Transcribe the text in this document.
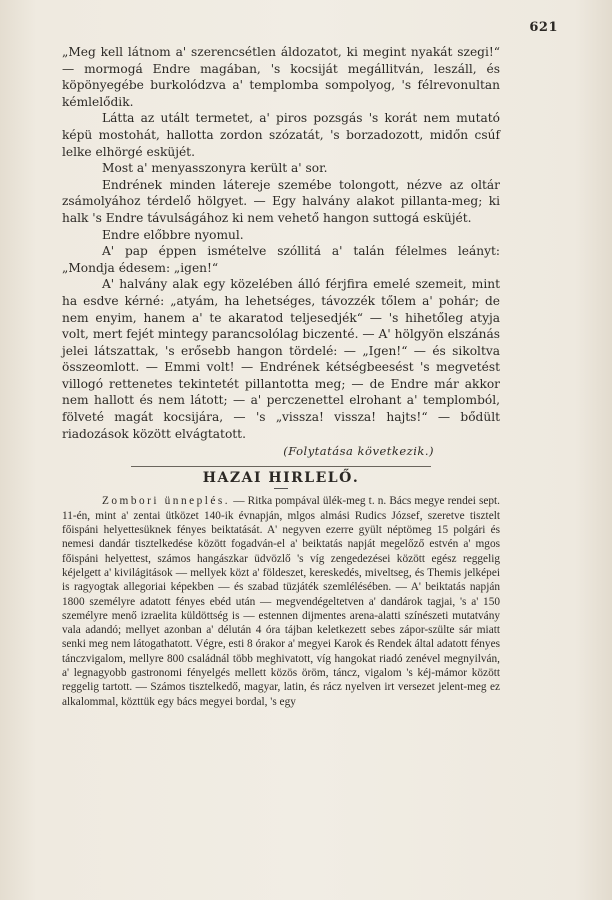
621

„Meg kell látnom a' szerencsétlen áldozatot, ki megint nyakát szegi!“ — mormogá Endre magában, 's kocsiját megállitván, leszáll, és köpönyegébe burkolódzva a' templomba sompolyog, 's félrevonultan kémlelődik.

Látta az utált termetet, a' piros pozsgás 's korát nem mutató képü mostohát, hallotta zordon szózatát, 's borzadozott, midőn csúf lelke elhörgé esküjét.

Most a' menyasszonyra került a' sor.

Endrének minden látereje szemébe tolongott, nézve az oltár zsámolyához térdelő hölgyet. — Egy halvány alakot pillanta-meg; ki halk 's Endre távulságához ki nem vehető hangon suttogá esküjét.

Endre előbbre nyomul.

A' pap éppen ismételve szóllitá a' talán félelmes leányt: „Mondja édesem: „igen!“

A' halvány alak egy közelében álló férjfira emelé szemeit, mint ha esdve kérné: „atyám, ha lehetséges, távozzék tőlem a' pohár; de nem enyim, hanem a' te akaratod teljesedjék“ — 's hihetőleg atyja volt, mert fejét mintegy parancsolólag biczenté. — A' hölgyön elszánás jelei látszattak, 's erősebb hangon tördelé: — „Igen!“ — és sikoltva összeomlott. — Emmi volt! — Endrének kétségbeesést 's megvetést villogó rettenetes tekintetét pillantotta meg; — de Endre már akkor nem hallott és nem látott; — a' perczenettel elrohant a' templomból, fölveté magát kocsijára, — 's „vissza! vissza! hajts!“ — bődült riadozások között elvágtatott.

(Folytatása következik.)
HAZAI HIRLELŐ.

Zombori ünneplés. — Ritka pompával ülék-meg t. n. Bács megye rendei sept. 11-én, mint a' zentai ütközet 140-ik évnapján, mlgos almási Rudics József, szeretve tisztelt főispáni helyettesüknek fényes beiktatását. A' negyven ezerre gyült néptömeg 15 polgári és nemesi dandár tisztelkedése között fogadván-el a' beiktatás napját megelőző estvén a' mgos főispáni helyettest, számos hangászkar üdvözlő 's víg zengedezései között egész reggelig kéjelgett a' kivilágitások — mellyek közt a' földeszet, kereskedés, miveltseg, és Themis jelképei is ragyogtak allegoriai képekben — és szabad tüzjáték szemlélésében. — A' beiktatás napján 1800 személyre adatott fényes ebéd után — megvendégeltetven a' dandárok tagjai, 's a' 150 személyre menő izraelita küldöttség is — estennen dijmentes arena-alatti színészeti mutatvány vala adandó; mellyet azonban a' délután 4 óra tájban keletkezett sebes zápor-szülte sár miatt senki meg nem látogathatott. Végre, esti 8 órakor a' megyei Karok és Rendek által adatott fényes tánczvigalom, mellyre 800 családnál több meghivatott, víg hangokat riadó zenével megnyilván, a' legnagyobb gastronomi fényelgés mellett közös öröm, táncz, vigalom 's kéj-mámor között reggelig tartott. — Számos tisztelkedő, magyar, latin, és rácz nyelven irt versezet jelent-meg ez alkalommal, közttük egy bács megyei bordal, 's egy
